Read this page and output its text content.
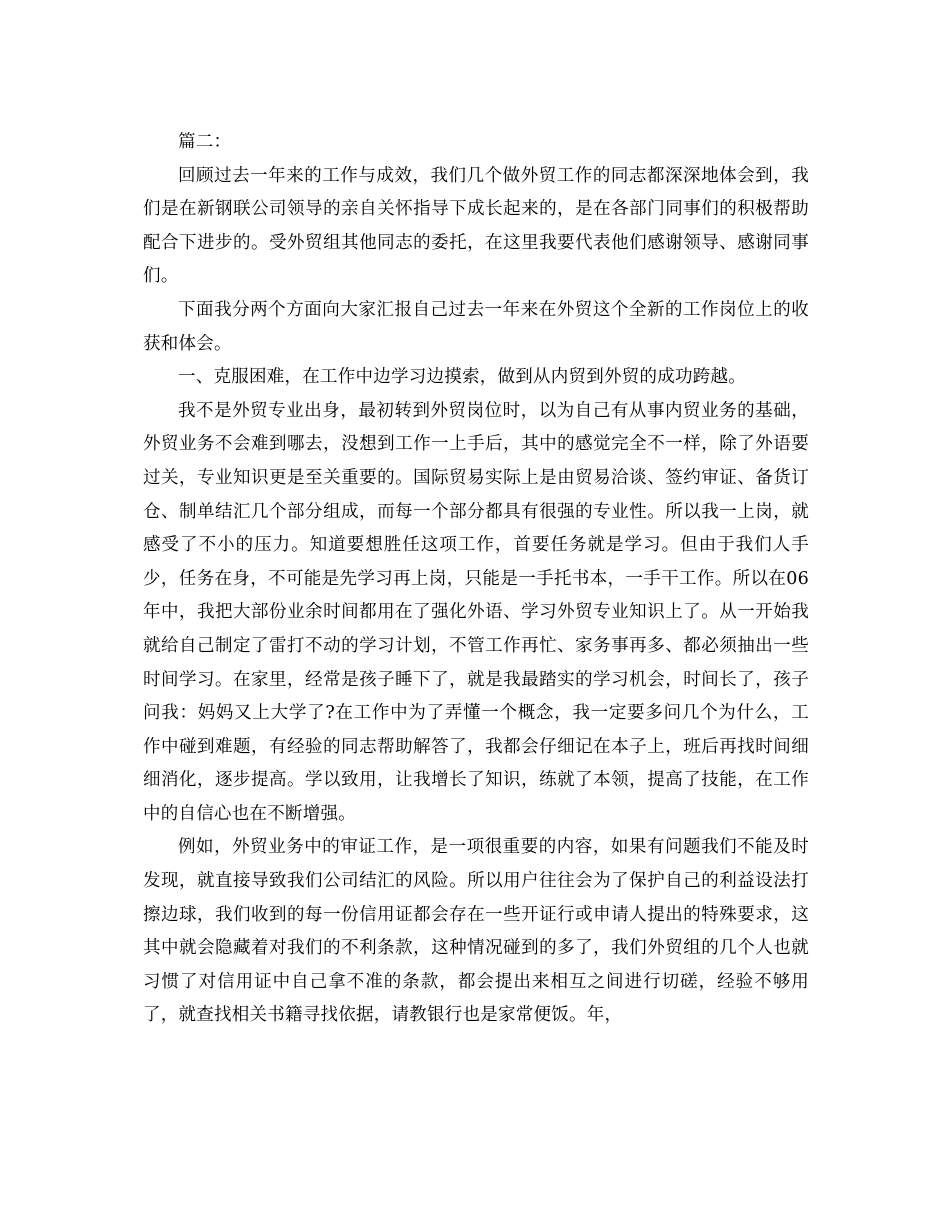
篇二：

回顾过去一年来的工作与成效，我们几个做外贸工作的同志都深深地体会到，我们是在新钢联公司领导的亲自关怀指导下成长起来的，是在各部门同事们的积极帮助配合下进步的。受外贸组其他同志的委托，在这里我要代表他们感谢领导、感谢同事们。

下面我分两个方面向大家汇报自己过去一年来在外贸这个全新的工作岗位上的收获和体会。

一、克服困难，在工作中边学习边摸索，做到从内贸到外贸的成功跨越。

我不是外贸专业出身，最初转到外贸岗位时，以为自己有从事内贸业务的基础，外贸业务不会难到哪去，没想到工作一上手后，其中的感觉完全不一样，除了外语要过关，专业知识更是至关重要的。国际贸易实际上是由贸易洽谈、签约审证、备货订仓、制单结汇几个部分组成，而每一个部分都具有很强的专业性。所以我一上岗，就感受了不小的压力。知道要想胜任这项工作，首要任务就是学习。但由于我们人手少，任务在身，不可能是先学习再上岗，只能是一手托书本，一手干工作。所以在06年中，我把大部份业余时间都用在了强化外语、学习外贸专业知识上了。从一开始我就给自己制定了雷打不动的学习计划，不管工作再忙、家务事再多、都必须抽出一些时间学习。在家里，经常是孩子睡下了，就是我最踏实的学习机会，时间长了，孩子问我：妈妈又上大学了?在工作中为了弄懂一个概念，我一定要多问几个为什么，工作中碰到难题，有经验的同志帮助解答了，我都会仔细记在本子上，班后再找时间细细消化，逐步提高。学以致用，让我增长了知识，练就了本领，提高了技能，在工作中的自信心也在不断增强。

例如，外贸业务中的审证工作，是一项很重要的内容，如果有问题我们不能及时发现，就直接导致我们公司结汇的风险。所以用户往往会为了保护自己的利益设法打擦边球，我们收到的每一份信用证都会存在一些开证行或申请人提出的特殊要求，这其中就会隐藏着对我们的不利条款，这种情况碰到的多了，我们外贸组的几个人也就习惯了对信用证中自己拿不准的条款，都会提出来相互之间进行切磋，经验不够用了，就查找相关书籍寻找依据，请教银行也是家常便饭。年，
